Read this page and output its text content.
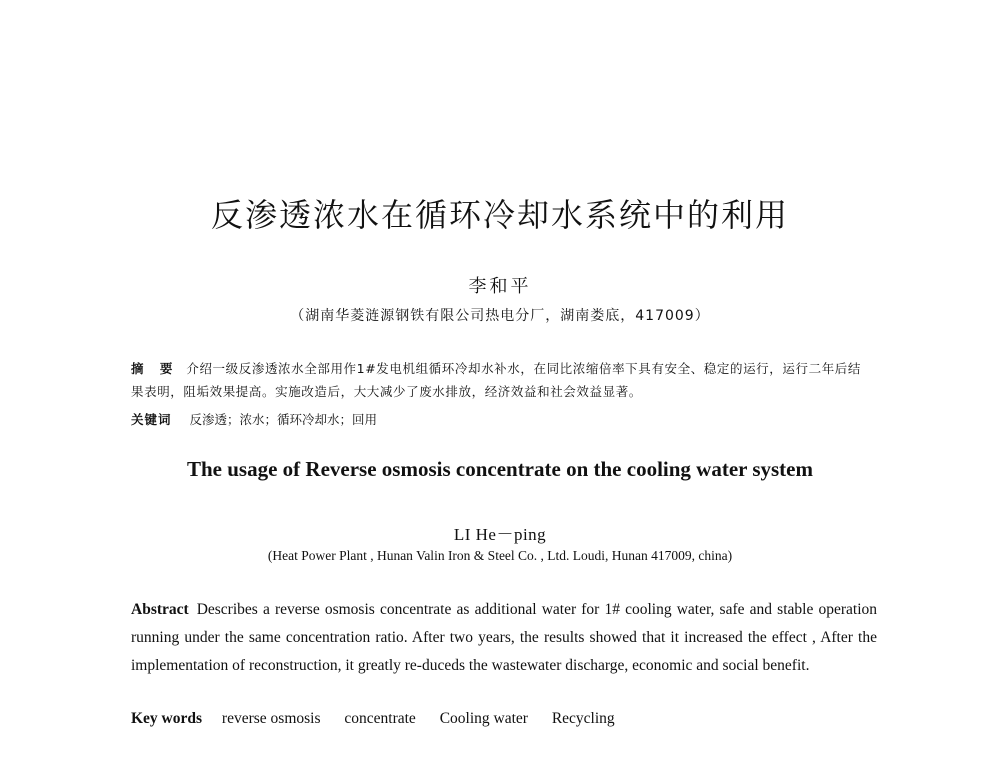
反渗透浓水在循环冷却水系统中的利用
李和平
（湖南华菱涟源钢铁有限公司热电分厂，湖南娄底，417009）
摘 要 介绍一级反渗透浓水全部用作1#发电机组循环冷却水补水，在同比浓缩倍率下具有安全、稳定的运行，运行二年后结果表明，阻垢效果提高。实施改造后，大大减少了废水排放，经济效益和社会效益显著。
关键词 反渗透；浓水；循环冷却水；回用
The usage of Reverse osmosis concentrate on the cooling water system
LI He－ping
(Heat Power Plant , Hunan Valin Iron & Steel Co. , Ltd. Loudi, Hunan 417009, china)
Abstract Describes a reverse osmosis concentrate as additional water for 1# cooling water, safe and stable operation running under the same concentration ratio. After two years, the results showed that it increased the effect , After the implementation of reconstruction, it greatly re-duceds the wastewater discharge, economic and social benefit.
Key words reverse osmosis concentrate Cooling water Recycling
